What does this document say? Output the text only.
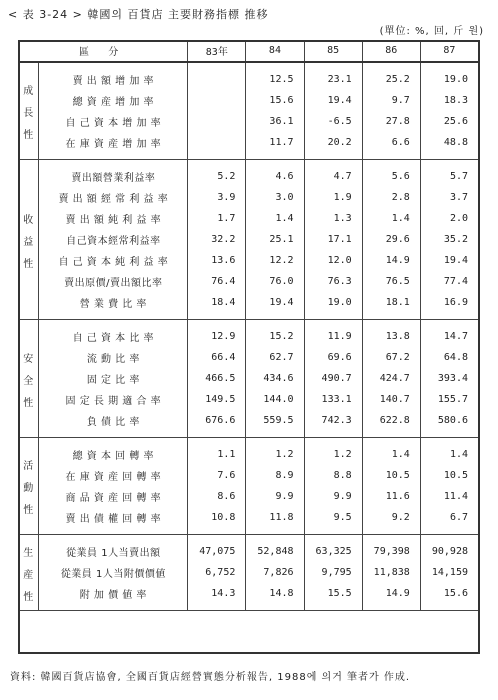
< 表 3-24 > 韓國의 百貨店 主要財務指標 推移
(單位: %, 回, 斤 원)
區 分		83年	84	85	86	87

成
長
性	賣 出 額 增 加 率		12.5	23.1	25.2	19.0
	總 資 産 增 加 率		15.6	19.4	9.7	18.3
	自 己 資 本 增 加 率		36.1	-6.5	27.8	25.6
	在 庫 資 産 增 加 率		11.7	20.2	6.6	48.8

收
益
性	賣出額營業利益率	5.2	4.6	4.7	5.6	5.7
	賣 出 額 經 常 利 益 率	3.9	3.0	1.9	2.8	3.7
	賣 出 額 純 利 益 率	1.7	1.4	1.3	1.4	2.0
	自己資本經常利益率	32.2	25.1	17.1	29.6	35.2
	自 己 資 本 純 利 益 率	13.6	12.2	12.0	14.9	19.4
	賣出原價/賣出額比率	76.4	76.0	76.3	76.5	77.4
	營 業 費 比 率	18.4	19.4	19.0	18.1	16.9

安
全
性	自 己 資 本 比 率	12.9	15.2	11.9	13.8	14.7
	流 動 比 率	66.4	62.7	69.6	67.2	64.8
	固 定 比 率	466.5	434.6	490.7	424.7	393.4
	固 定 長 期 適 合 率	149.5	144.0	133.1	140.7	155.7
	負 債 比 率	676.6	559.5	742.3	622.8	580.6

活
動
性	總 資 本 回 轉 率	1.1	1.2	1.2	1.4	1.4
	在 庫 資 産 回 轉 率	7.6	8.9	8.8	10.5	10.5
	商 品 資 産 回 轉 率	8.6	9.9	9.9	11.6	11.4
	賣 出 債 權 回 轉 率	10.8	11.8	9.5	9.2	6.7

生
産
性	從業員 1人当賣出額	47,075	52,848	63,325	79,398	90,928
	從業員 1人当附價價値	6,752	7,826	9,795	11,838	14,159
	附 加 價 値 率	14.3	14.8	15.5	14.9	15.6
資料: 韓國百貨店協會, 全國百貨店經營實態分析報告, 1988에 의거 筆者가 作成.
